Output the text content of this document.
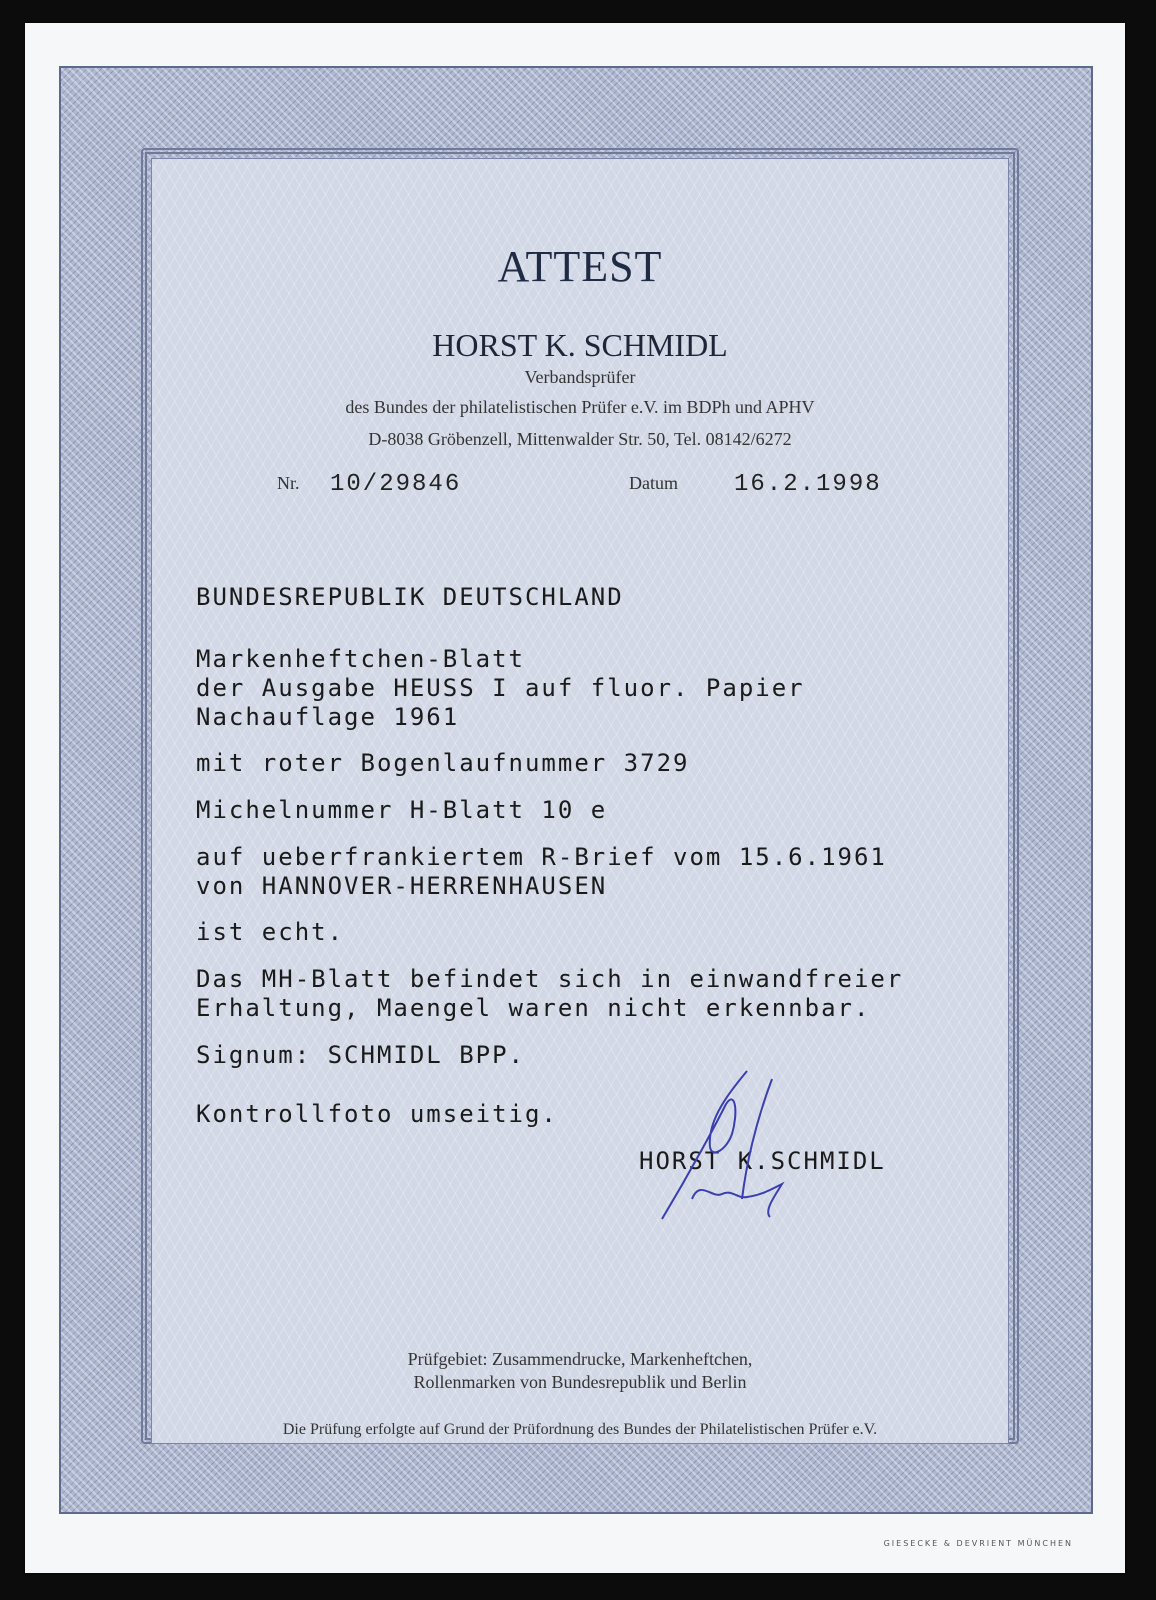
ATTEST
HORST K. SCHMIDL
Verbandsprüfer
des Bundes der philatelistischen Prüfer e.V. im BDPh und APHV
D-8038 Gröbenzell, Mittenwalder Str. 50, Tel. 08142/6272
Nr. 10/29846	Datum 16.2.1998
BUNDESREPUBLIK DEUTSCHLAND
Markenheftchen-Blatt
der Ausgabe HEUSS I auf fluor. Papier
Nachauflage 1961
mit roter Bogenlaufnummer 3729
Michelnummer H-Blatt 10 e
auf ueberfrankiertem R-Brief vom 15.6.1961
von HANNOVER-HERRENHAUSEN
ist echt.
Das MH-Blatt befindet sich in einwandfreier
Erhaltung, Maengel waren nicht erkennbar.
Signum: SCHMIDL BPP.
Kontrollfoto umseitig.
HORST K.SCHMIDL
Prüfgebiet: Zusammendrucke, Markenheftchen,
Rollenmarken von Bundesrepublik und Berlin
Die Prüfung erfolgte auf Grund der Prüfordnung des Bundes der Philatelistischen Prüfer e.V.
GIESECKE & DEVRIENT MÜNCHEN
